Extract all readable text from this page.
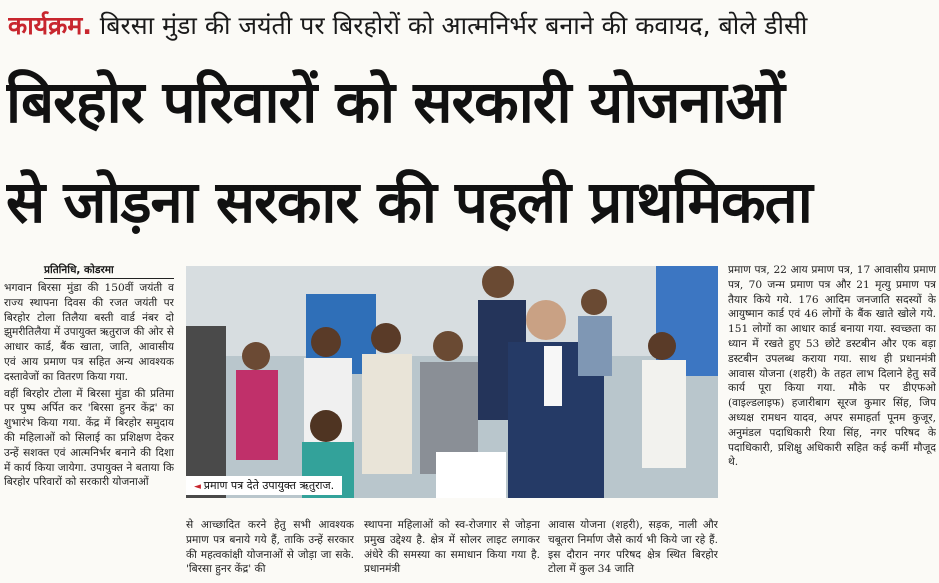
कार्यक्रम. बिरसा मुंडा की जयंती पर बिरहोरों को आत्मनिर्भर बनाने की कवायद, बोले डीसी
बिरहोर परिवारों को सरकारी योजनाओं
से जोड़ना सरकार की पहली प्राथमिकता
प्रतिनिधि, कोडरमा

भगवान बिरसा मुंडा की 150वीं जयंती व राज्य स्थापना दिवस की रजत जयंती पर बिरहोर टोला तिलैया बस्ती वार्ड नंबर दो झुमरीतिलैया में उपायुक्त ऋतुराज की ओर से आधार कार्ड, बैंक खाता, जाति, आवासीय एवं आय प्रमाण पत्र सहित अन्य आवश्यक दस्तावेजों का वितरण किया गया.

वहीं बिरहोर टोला में बिरसा मुंडा की प्रतिमा पर पुष्प अर्पित कर 'बिरसा हुनर केंद्र' का शुभारंभ किया गया. केंद्र में बिरहोर समुदाय की महिलाओं को सिलाई का प्रशिक्षण देकर उन्हें सशक्त एवं आत्मनिर्भर बनाने की दिशा में कार्य किया जायेगा. उपायुक्त ने बताया कि बिरहोर परिवारों को सरकारी योजनाओं

◄	प्रमाण पत्र देते उपायुक्त ऋतुराज.

से आच्छादित करने हेतु सभी आवश्यक प्रमाण पत्र बनाये गये हैं, ताकि उन्हें सरकार की महत्वकांक्षी योजनाओं से जोड़ा जा सके. 'बिरसा हुनर केंद्र' की

स्थापना महिलाओं को स्व-रोजगार से जोड़ना प्रमुख उद्देश्य है. क्षेत्र में सोलर लाइट लगाकर अंधेरे की समस्या का समाधान किया गया है. प्रधानमंत्री

आवास योजना (शहरी), सड़क, नाली और चबूतरा निर्माण जैसे कार्य भी किये जा रहे हैं. इस दौरान नगर परिषद क्षेत्र स्थित बिरहोर टोला में कुल 34 जाति

प्रमाण पत्र, 22 आय प्रमाण पत्र, 17 आवासीय प्रमाण पत्र, 70 जन्म प्रमाण पत्र और 21 मृत्यु प्रमाण पत्र तैयार किये गये. 176 आदिम जनजाति सदस्यों के आयुष्मान कार्ड एवं 46 लोगों के बैंक खाते खोले गये. 151 लोगों का आधार कार्ड बनाया गया. स्वच्छता का ध्यान में रखते हुए 53 छोटे डस्टबीन और एक बड़ा डस्टबीन उपलब्ध कराया गया. साथ ही प्रधानमंत्री आवास योजना (शहरी) के तहत लाभ दिलाने हेतु सर्वे कार्य पूरा किया गया. मौके पर डीएफओ (वाइल्डलाइफ) हजारीबाग सूरज कुमार सिंह, जिप अध्यक्ष रामधन यादव, अपर समाहर्ता पूनम कुजूर, अनुमंडल पदाधिकारी रिया सिंह, नगर परिषद के पदाधिकारी, प्रशिक्षु अधिकारी सहित कई कर्मी मौजूद थे.
